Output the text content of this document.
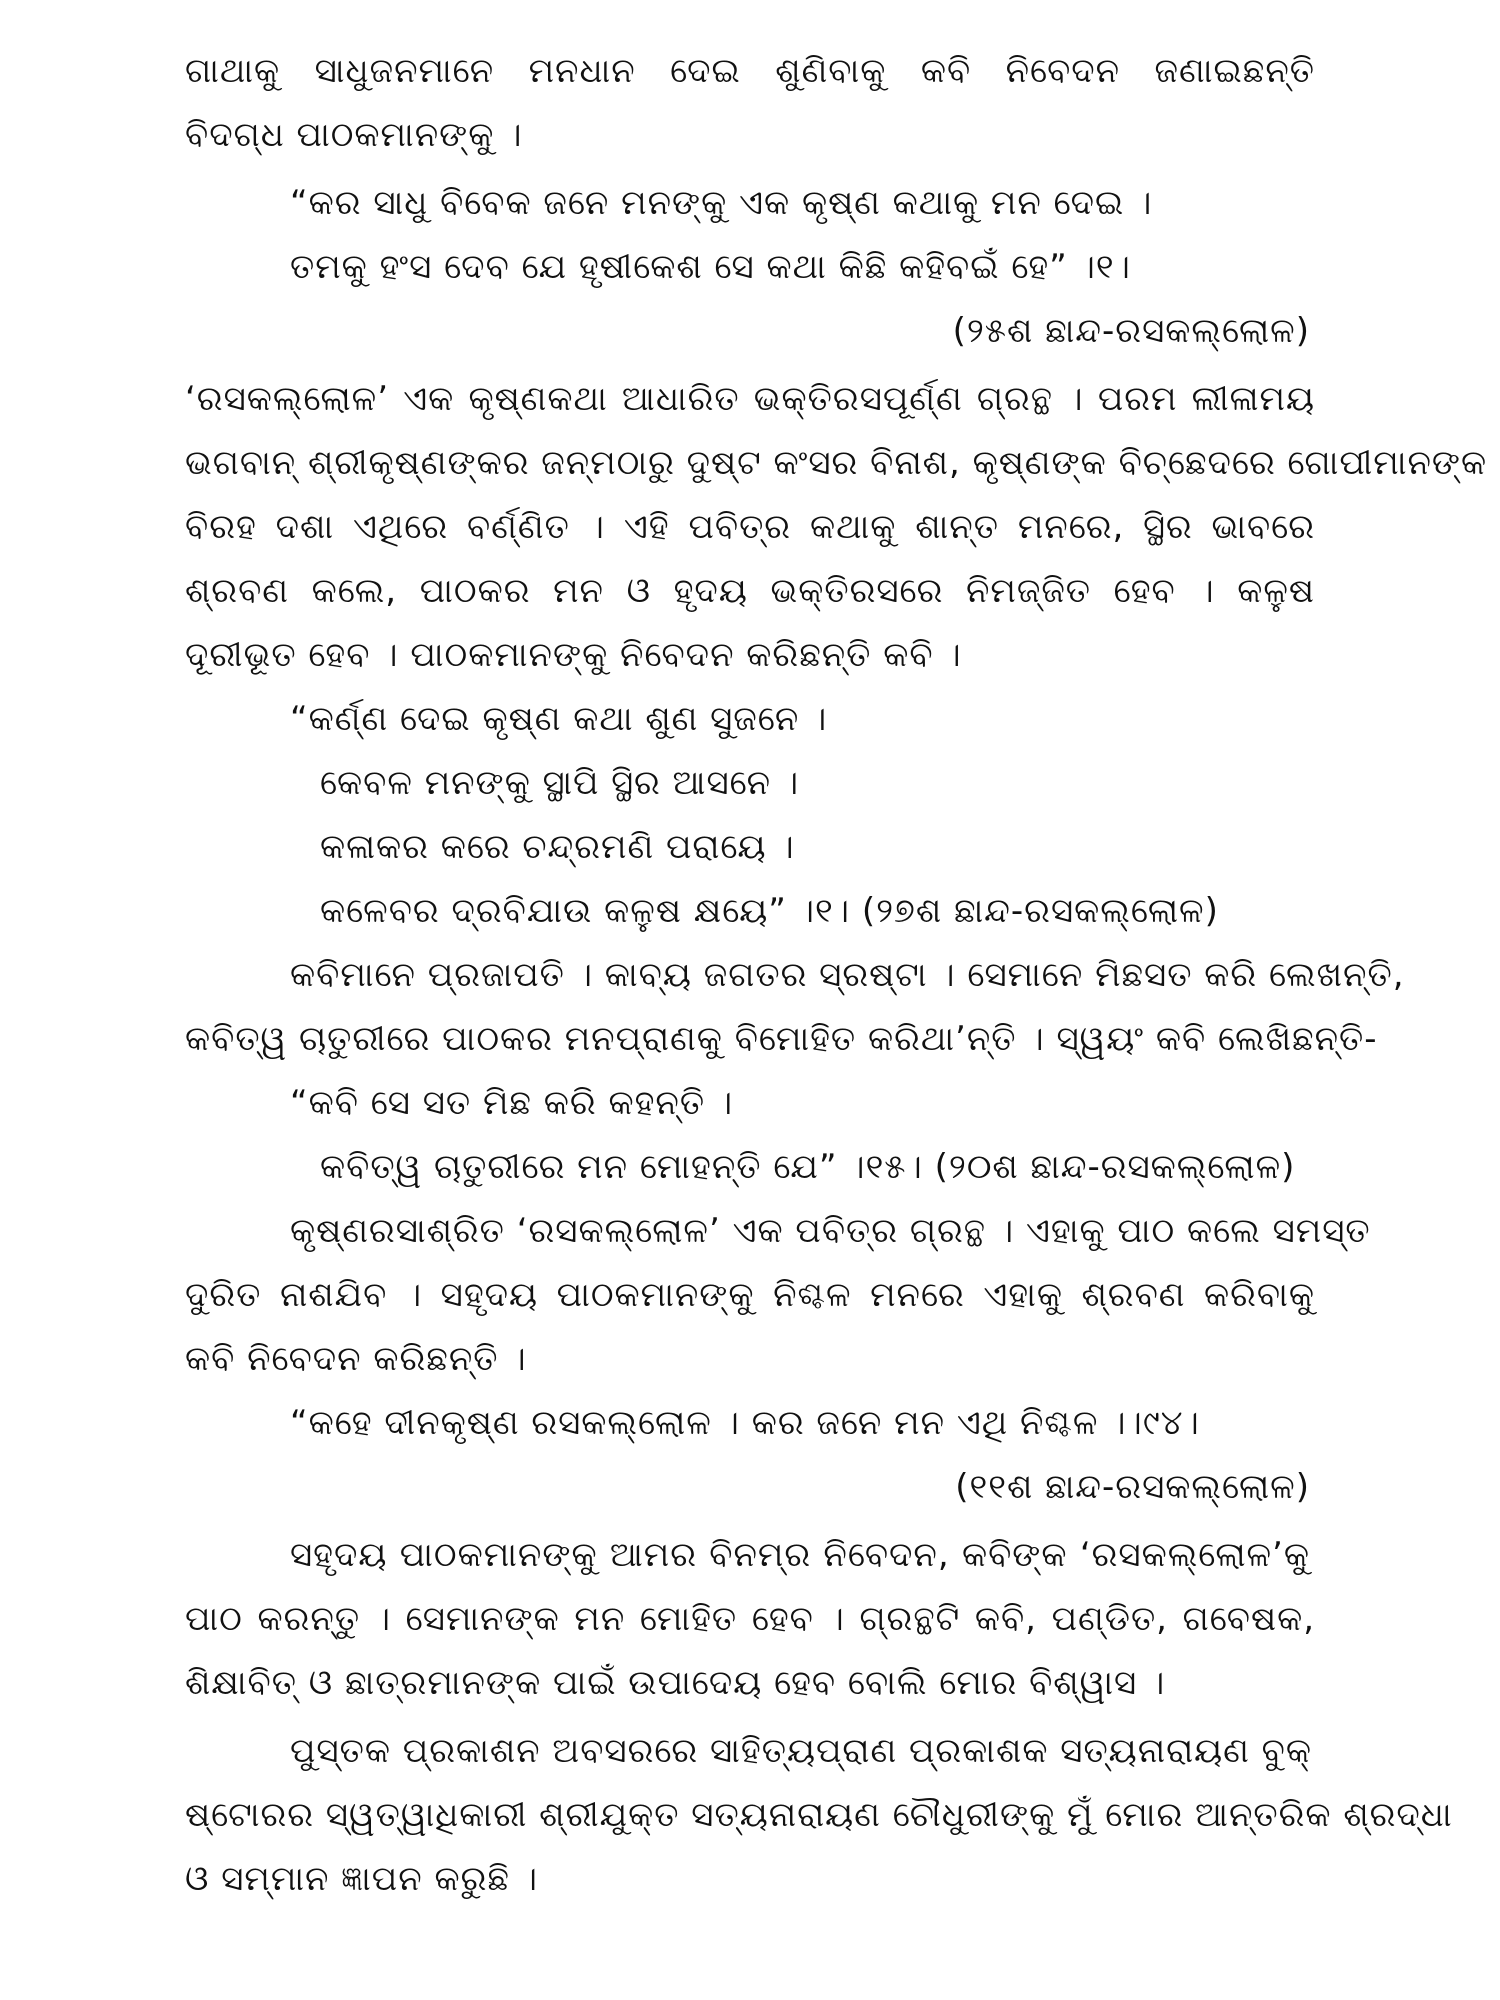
ଗାଥାକୁ ସାଧୁଜନମାନେ ମନଧାନ ଦେଇ ଶୁଣିବାକୁ କବି ନିବେଦନ ଜଣାଇଛନ୍ତି
ବିଦଗ୍ଧ ପାଠକମାନଙ୍କୁ ।
“କର ସାଧୁ ବିବେକ ଜନେ ମନଙ୍କୁ ଏକ କୃଷ୍ଣ କଥାକୁ ମନ ଦେଇ ।
ତମକୁ ହଂସ ଦେବ ଯେ ହୃଷୀକେଶ ସେ କଥା କିଛି କହିବଇଁ ହେ” ।୧।
(୨୫ଶ ଛାନ୍ଦ-ରସକଲ୍ଲୋଳ)
‘ରସକଲ୍ଲୋଳ’ ଏକ କୃଷ୍ଣକଥା ଆଧାରିତ ଭକ୍ତିରସପୂର୍ଣ୍ଣ ଗ୍ରନ୍ଥ । ପରମ ଲୀଳାମୟ
ଭଗବାନ୍ ଶ୍ରୀକୃଷ୍ଣଙ୍କର ଜନ୍ମଠାରୁ ଦୁଷ୍ଟ କଂସର ବିନାଶ, କୃଷ୍ଣଙ୍କ ବିଚ୍ଛେଦରେ ଗୋପୀମାନଙ୍କ
ବିରହ ଦଶା ଏଥିରେ ବର୍ଣ୍ଣିତ । ଏହି ପବିତ୍ର କଥାକୁ ଶାନ୍ତ ମନରେ, ସ୍ଥିର ଭାବରେ
ଶ୍ରବଣ କଲେ, ପାଠକର ମନ ଓ ହୃଦୟ ଭକ୍ତିରସରେ ନିମଜ୍ଜିତ ହେବ । କଳୁଷ
ଦୂରୀଭୂତ ହେବ । ପାଠକମାନଙ୍କୁ ନିବେଦନ କରିଛନ୍ତି କବି ।
“କର୍ଣ୍ଣ ଦେଇ କୃଷ୍ଣ କଥା ଶୁଣ ସୁଜନେ ।
କେବଳ ମନଙ୍କୁ ସ୍ଥାପି ସ୍ଥିର ଆସନେ ।
କଳାକର କରେ ଚନ୍ଦ୍ରମଣି ପରାୟେ ।
କଳେବର ଦ୍ରବିଯାଉ କଳୁଷ କ୍ଷୟେ” ।୧। (୨୭ଶ ଛାନ୍ଦ-ରସକଲ୍ଲୋଳ)
କବିମାନେ ପ୍ରଜାପତି । କାବ୍ୟ ଜଗତର ସ୍ରଷ୍ଟା । ସେମାନେ ମିଛସତ କରି ଲେଖନ୍ତି,
କବିତ୍ୱ ଚାତୁରୀରେ ପାଠକର ମନପ୍ରାଣକୁ ବିମୋହିତ କରିଥା’ନ୍ତି । ସ୍ୱୟଂ କବି ଲେଖିଛନ୍ତି-
“କବି ସେ ସତ ମିଛ କରି କହନ୍ତି ।
କବିତ୍ୱ ଚାତୁରୀରେ ମନ ମୋହନ୍ତି ଯେ” ।୧୫। (୨୦ଶ ଛାନ୍ଦ-ରସକଲ୍ଲୋଳ)
କୃଷ୍ଣରସାଶ୍ରିତ ‘ରସକଲ୍ଲୋଳ’ ଏକ ପବିତ୍ର ଗ୍ରନ୍ଥ । ଏହାକୁ ପାଠ କଲେ ସମସ୍ତ
ଦୁରିତ ନାଶଯିବ । ସହୃଦୟ ପାଠକମାନଙ୍କୁ ନିଶ୍ଚଳ ମନରେ ଏହାକୁ ଶ୍ରବଣ କରିବାକୁ
କବି ନିବେଦନ କରିଛନ୍ତି ।
“କହେ ଦୀନକୃଷ୍ଣ ରସକଲ୍ଲୋଳ । କର ଜନେ ମନ ଏଥି ନିଶ୍ଚଳ ।।୯୪।
(୧୧ଶ ଛାନ୍ଦ-ରସକଲ୍ଲୋଳ)
ସହୃଦୟ ପାଠକମାନଙ୍କୁ ଆମର ବିନମ୍ର ନିବେଦନ, କବିଙ୍କ ‘ରସକଲ୍ଲୋଳ’କୁ
ପାଠ କରନ୍ତୁ । ସେମାନଙ୍କ ମନ ମୋହିତ ହେବ । ଗ୍ରନ୍ଥଟି କବି, ପଣ୍ଡିତ, ଗବେଷକ,
ଶିକ୍ଷାବିତ୍ ଓ ଛାତ୍ରମାନଙ୍କ ପାଇଁ ଉପାଦେୟ ହେବ ବୋଲି ମୋର ବିଶ୍ୱାସ ।
ପୁସ୍ତକ ପ୍ରକାଶନ ଅବସରରେ ସାହିତ୍ୟପ୍ରାଣ ପ୍ରକାଶକ ସତ୍ୟନାରାୟଣ ବୁକ୍
ଷ୍ଟୋରର ସ୍ୱତ୍ୱାଧିକାରୀ ଶ୍ରୀଯୁକ୍ତ ସତ୍ୟନାରାୟଣ ଚୌଧୁରୀଙ୍କୁ ମୁଁ ମୋର ଆନ୍ତରିକ ଶ୍ରଦ୍ଧା
ଓ ସମ୍ମାନ ଜ୍ଞାପନ କରୁଛି ।
